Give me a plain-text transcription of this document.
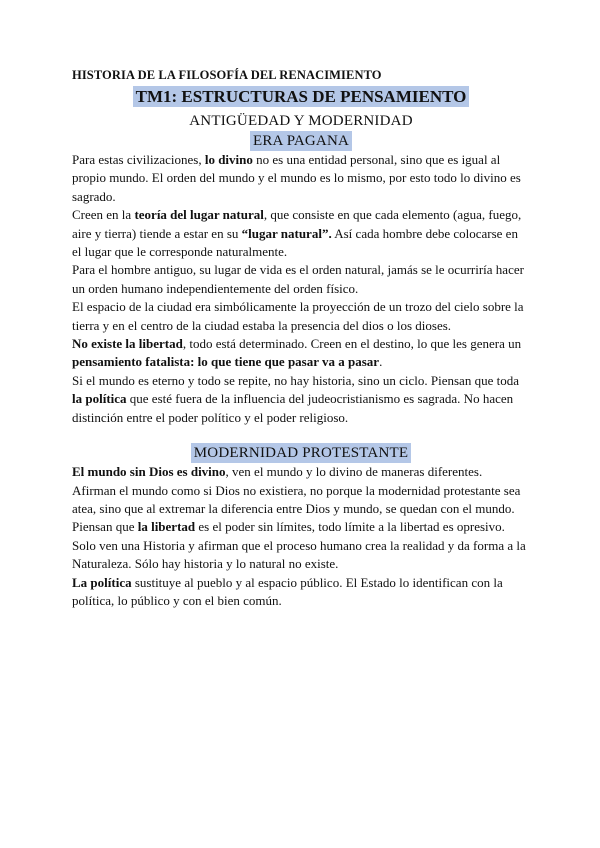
HISTORIA DE LA FILOSOFÍA DEL RENACIMIENTO
TM1: ESTRUCTURAS DE PENSAMIENTO
ANTIGÜEDAD Y MODERNIDAD
ERA PAGANA

Para estas civilizaciones, lo divino no es una entidad personal, sino que es igual al propio mundo. El orden del mundo y el mundo es lo mismo, por esto todo lo divino es sagrado.

Creen en la teoría del lugar natural, que consiste en que cada elemento (agua, fuego, aire y tierra) tiende a estar en su “lugar natural”. Así cada hombre debe colocarse en el lugar que le corresponde naturalmente.

Para el hombre antiguo, su lugar de vida es el orden natural, jamás se le ocurriría hacer un orden humano independientemente del orden físico.

El espacio de la ciudad era simbólicamente la proyección de un trozo del cielo sobre la tierra y en el centro de la ciudad estaba la presencia del dios o los dioses.

No existe la libertad, todo está determinado. Creen en el destino, lo que les genera un pensamiento fatalista: lo que tiene que pasar va a pasar.

Si el mundo es eterno y todo se repite, no hay historia, sino un ciclo. Piensan que toda la política que esté fuera de la influencia del judeocristianismo es sagrada. No hacen distinción entre el poder político y el poder religioso.

MODERNIDAD PROTESTANTE

El mundo sin Dios es divino, ven el mundo y lo divino de maneras diferentes.

Afirman el mundo como si Dios no existiera, no porque la modernidad protestante sea atea, sino que al extremar la diferencia entre Dios y mundo, se quedan con el mundo.

Piensan que la libertad es el poder sin límites, todo límite a la libertad es opresivo. Solo ven una Historia y afirman que el proceso humano crea la realidad y da forma a la Naturaleza. Sólo hay historia y lo natural no existe.

La política sustituye al pueblo y al espacio público. El Estado lo identifican con la política, lo público y con el bien común.
